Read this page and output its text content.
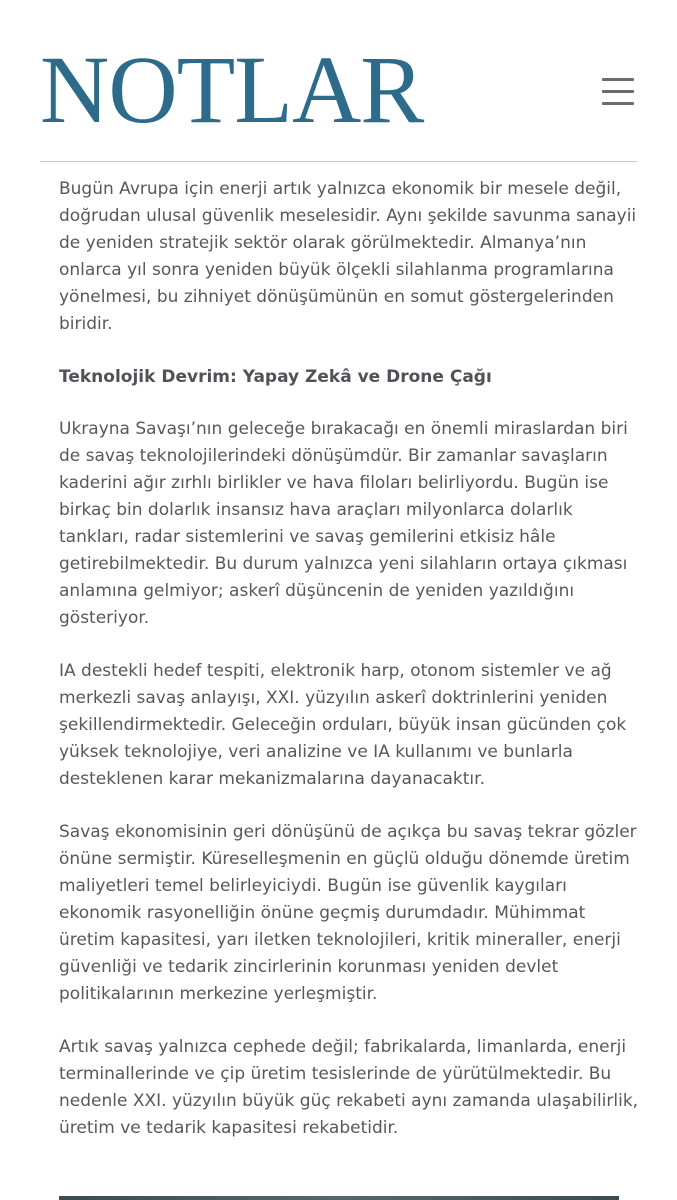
NOTLAR

Bugün Avrupa için enerji artık yalnızca ekonomik bir mesele değil, doğrudan ulusal güvenlik meselesidir. Aynı şekilde savunma sanayii de yeniden stratejik sektör olarak görülmektedir. Almanya’nın onlarca yıl sonra yeniden büyük ölçekli silahlanma programlarına yönelmesi, bu zihniyet dönüşümünün en somut göstergelerinden biridir.

Teknolojik Devrim: Yapay Zekâ ve Drone Çağı

Ukrayna Savaşı’nın geleceğe bırakacağı en önemli miraslardan biri de savaş teknolojilerindeki dönüşümdür. Bir zamanlar savaşların kaderini ağır zırhlı birlikler ve hava filoları belirliyordu. Bugün ise birkaç bin dolarlık insansız hava araçları milyonlarca dolarlık tankları, radar sistemlerini ve savaş gemilerini etkisiz hâle getirebilmektedir. Bu durum yalnızca yeni silahların ortaya çıkması anlamına gelmiyor; askerî düşüncenin de yeniden yazıldığını gösteriyor.

IA destekli hedef tespiti, elektronik harp, otonom sistemler ve ağ merkezli savaş anlayışı, XXI. yüzyılın askerî doktrinlerini yeniden şekillendirmektedir. Geleceğin orduları, büyük insan gücünden çok yüksek teknolojiye, veri analizine ve IA kullanımı ve bunlarla desteklenen karar mekanizmalarına dayanacaktır.

Savaş ekonomisinin geri dönüşünü de açıkça bu savaş tekrar gözler önüne sermiştir. Küreselleşmenin en güçlü olduğu dönemde üretim maliyetleri temel belirleyiciydi. Bugün ise güvenlik kaygıları ekonomik rasyonelliğin önüne geçmiş durumdadır. Mühimmat üretim kapasitesi, yarı iletken teknolojileri, kritik mineraller, enerji güvenliği ve tedarik zincirlerinin korunması yeniden devlet politikalarının merkezine yerleşmiştir.

Artık savaş yalnızca cephede değil; fabrikalarda, limanlarda, enerji terminallerinde ve çip üretim tesislerinde de yürütülmektedir. Bu nedenle XXI. yüzyılın büyük güç rekabeti aynı zamanda ulaşabilirlik, üretim ve tedarik kapasitesi rekabetidir.
